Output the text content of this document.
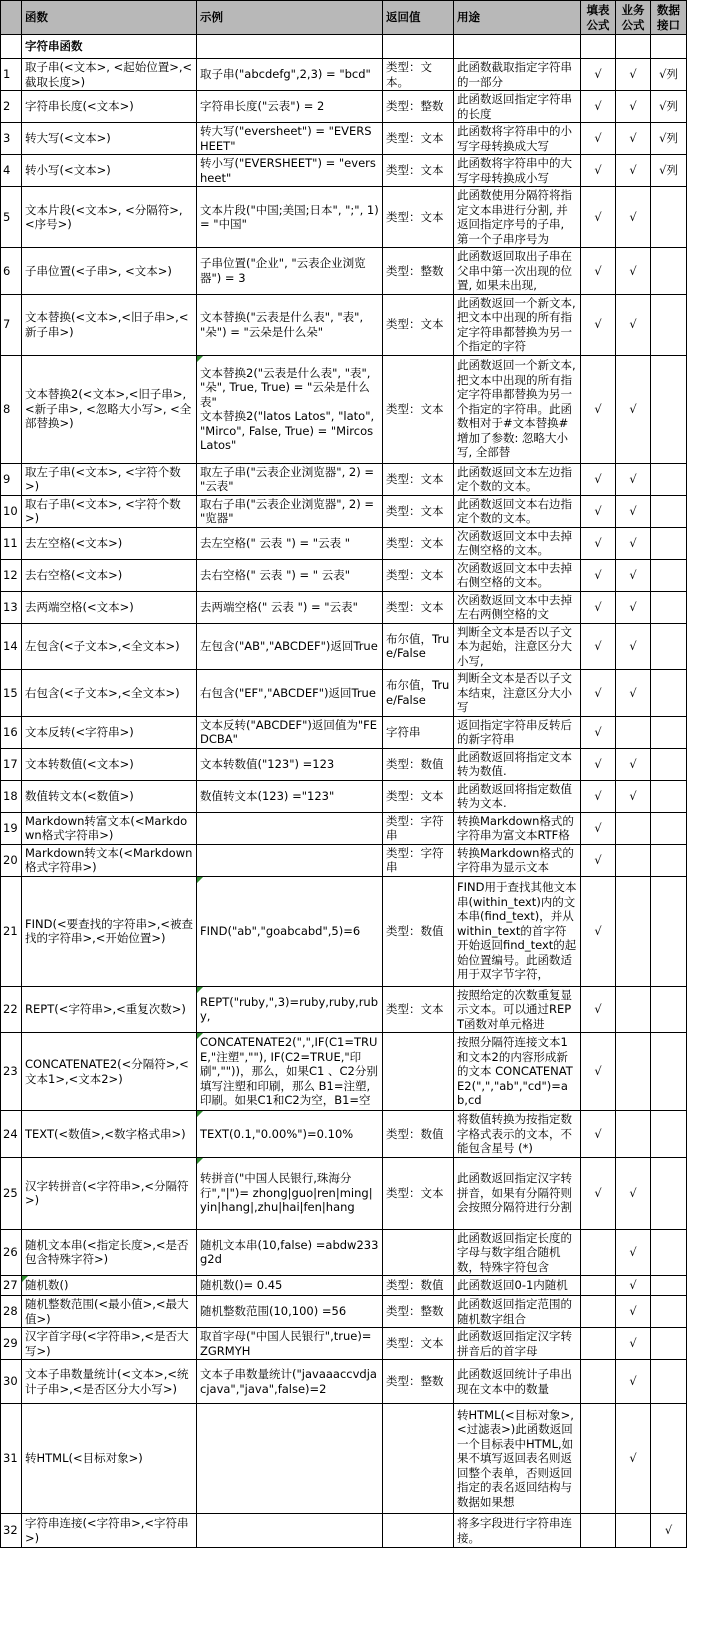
	函数	示例	返回值	用途	填表公式	业务公式	数据接口
	字符串函数						
1	取子串(<文本>, <起始位置>,<截取长度>)	取子串("abcdefg",2,3) = "bcd"	类型：文本。	此函数截取指定字符串的一部分	√	√	√列
2	字符串长度(<文本>)	字符串长度("云表") = 2	类型：整数	此函数返回指定字符串的长度	√	√	√列
3	转大写(<文本>)	转大写("eversheet") = "EVERSHEET"	类型：文本	此函数将字符串中的小写字母转换成大写	√	√	√列
4	转小写(<文本>)	转小写("EVERSHEET") = "eversheet"	类型：文本	此函数将字符串中的大写字母转换成小写	√	√	√列
5	文本片段(<文本>, <分隔符>, <序号>)	文本片段("中国;美国;日本", ";", 1) = "中国"	类型：文本	此函数使用分隔符将指定文本串进行分割, 并返回指定序号的子串, 第一个子串序号为	√	√	
6	子串位置(<子串>, <文本>)	子串位置("企业", "云表企业浏览器") = 3	类型：整数	此函数返回取出子串在父串中第一次出现的位置, 如果未出现,	√	√	
7	文本替换(<文本>,<旧子串>,<新子串>)	文本替换("云表是什么表", "表", "朵") = "云朵是什么朵"	类型：文本	此函数返回一个新文本,把文本中出现的所有指定字符串都替换为另一个指定的字符	√	√	
8	文本替换2(<文本>,<旧子串>,<新子串>, <忽略大小写>, <全部替换>)	文本替换2("云表是什么表", "表", "朵", True, True) = "云朵是什么表"
文本替换2("latos Latos", "lato", "Mirco", False, True) = "Mircos Latos"	类型：文本	此函数返回一个新文本,把文本中出现的所有指定字符串都替换为另一个指定的字符串。此函数相对于#文本替换#增加了参数: 忽略大小写, 全部替	√	√	
9	取左子串(<文本>, <字符个数>)	取左子串("云表企业浏览器", 2) = "云表"	类型：文本	此函数返回文本左边指定个数的文本。	√	√	
10	取右子串(<文本>, <字符个数>)	取右子串("云表企业浏览器", 2) = "览器"	类型：文本	此函数返回文本右边指定个数的文本。	√	√	
11	去左空格(<文本>)	去左空格(" 云表 ") = "云表 "	类型：文本	次函数返回文本中去掉左侧空格的文本。	√	√	
12	去右空格(<文本>)	去右空格(" 云表 ") = " 云表"	类型：文本	次函数返回文本中去掉右侧空格的文本。	√	√	
13	去两端空格(<文本>)	去两端空格(" 云表 ") = "云表"	类型：文本	次函数返回文本中去掉左右两侧空格的文	√	√	
14	左包含(<子文本>,<全文本>)	左包含("AB","ABCDEF")返回True	布尔值，True/False	判断全文本是否以子文本为起始，注意区分大小写,	√	√	
15	右包含(<子文本>,<全文本>)	右包含("EF","ABCDEF")返回True	布尔值，True/False	判断全文本是否以子文本结束，注意区分大小写	√	√	
16	文本反转(<字符串>)	文本反转("ABCDEF")返回值为"FEDCBA"	字符串	返回指定字符串反转后的新字符串	√		
17	文本转数值(<文本>)	文本转数值("123") =123	类型：数值	此函数返回将指定文本转为数值.	√	√	
18	数值转文本(<数值>)	数值转文本(123) ="123"	类型：文本	此函数返回将指定数值转为文本.	√	√	
19	Markdown转富文本(<Markdown格式字符串>)		类型：字符串	转换Markdown格式的字符串为富文本RTF格	√		
20	Markdown转文本(<Markdown格式字符串>)		类型：字符串	转换Markdown格式的字符串为显示文本	√		
21	FIND(<要查找的字符串>,<被查找的字符串>,<开始位置>)	FIND("ab","goabcabd",5)=6	类型：数值	FIND用于查找其他文本串(within_text)内的文本串(find_text)，并从within_text的首字符开始返回find_text的起始位置编号。此函数适用于双字节字符，	√		
22	REPT(<字符串>,<重复次数>)	REPT("ruby,",3)=ruby,ruby,ruby,	类型：文本	按照给定的次数重复显示文本。可以通过REPT函数对单元格进	√		
23	CONCATENATE2(<分隔符>,<文本1>,<文本2>)	CONCATENATE2(",",IF(C1=TRUE,"注塑",""), IF(C2=TRUE,"印刷",""))，那么，如果C1 、C2分别填写注塑和印刷，那么 B1=注塑,印刷。如果C1和C2为空，B1=空		按照分隔符连接文本1和文本2的内容形成新的文本 CONCATENATE2(",","ab","cd")=ab,cd	√		
24	TEXT(<数值>,<数字格式串>)	TEXT(0.1,"0.00%")=0.10%	类型：数值	将数值转换为按指定数字格式表示的文本，不能包含星号 (*)	√		
25	汉字转拼音(<字符串>,<分隔符>)	转拼音("中国人民银行,珠海分行","|")= zhong|guo|ren|ming|yin|hang|,zhu|hai|fen|hang	类型：文本	此函数返回指定汉字转拼音，如果有分隔符则会按照分隔符进行分割	√	√	
26	随机文本串(<指定长度>,<是否包含特殊字符>)	随机文本串(10,false) =abdw233g2d		此函数返回指定长度的字母与数字组合随机数，特殊字符包含		√	
27	随机数()	随机数()= 0.45	类型：数值	此函数返回0-1内随机		√	
28	随机整数范围(<最小值>,<最大值>)	随机整数范围(10,100) =56	类型：整数	此函数返回指定范围的随机数字组合		√	
29	汉字首字母(<字符串>,<是否大写>)	取首字母("中国人民银行",true)=ZGRMYH	类型：文本	此函数返回指定汉字转拼音后的首字母		√	
30	文本子串数量统计(<文本>,<统计子串>,<是否区分大小写>)	文本子串数量统计("javaaaccvdjacjava","java",false)=2	类型：整数	此函数返回统计子串出现在文本中的数量		√	
31	转HTML(<目标对象>)			转HTML(<目标对象>,<过滤表>)此函数返回一个目标表中HTML,如果不填写返回表名则返回整个表单，否则返回指定的表名返回结构与数据如果想		√	
32	字符串连接(<字符串>,<字符串>)			将多字段进行字符串连接。			√
